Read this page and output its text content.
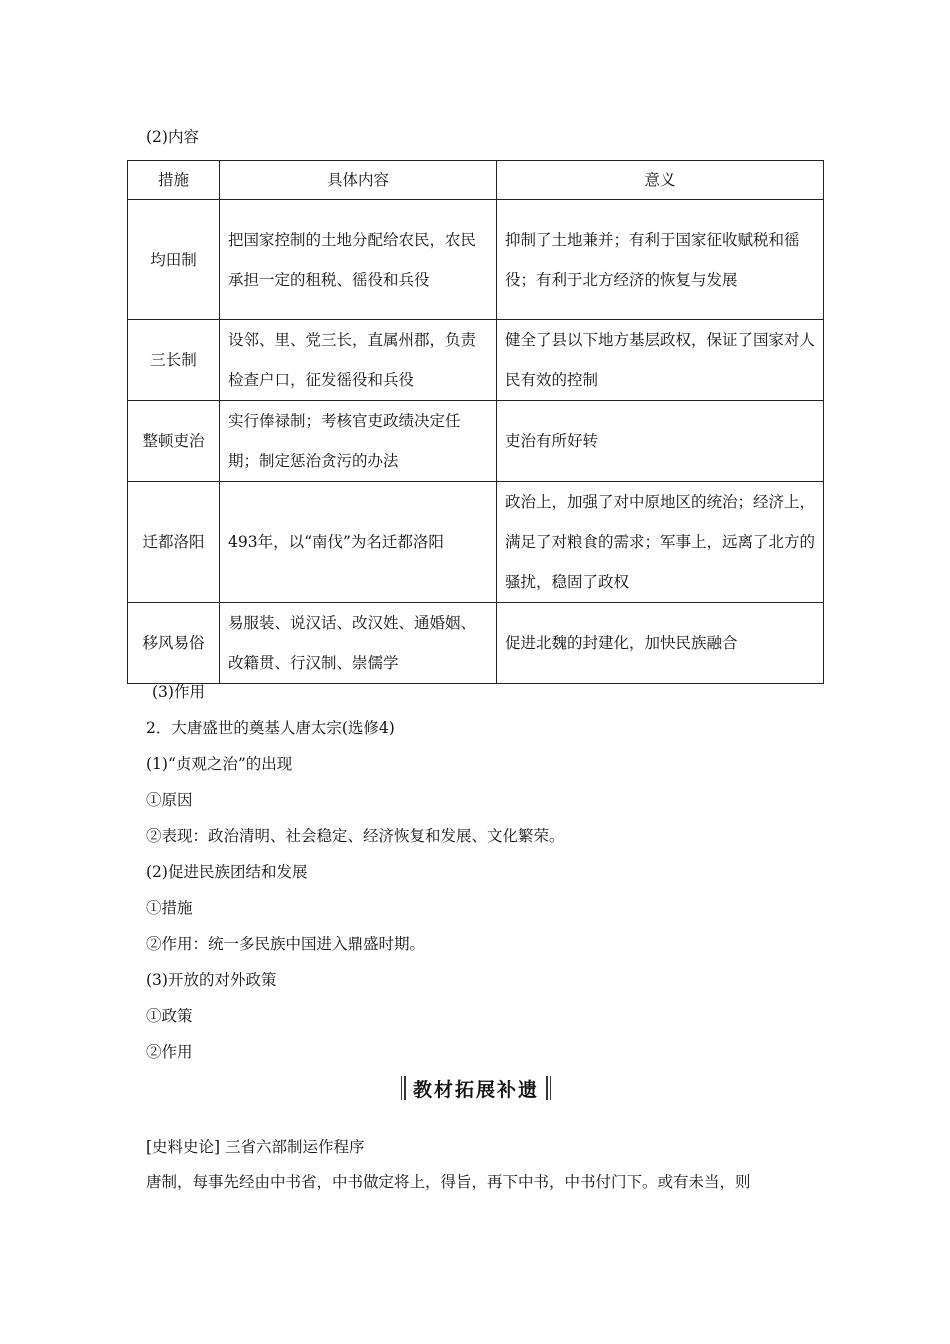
(2)内容
措施	具体内容	意义
均田制	把国家控制的土地分配给农民，农民承担一定的租税、徭役和兵役	抑制了土地兼并；有利于国家征收赋税和徭役；有利于北方经济的恢复与发展
三长制	设邻、里、党三长，直属州郡，负责检查户口，征发徭役和兵役	健全了县以下地方基层政权，保证了国家对人民有效的控制
整顿吏治	实行俸禄制；考核官吏政绩决定任期；制定惩治贪污的办法	吏治有所好转
迁都洛阳	493年，以“南伐”为名迁都洛阳	政治上，加强了对中原地区的统治；经济上，满足了对粮食的需求；军事上，远离了北方的骚扰，稳固了政权
移风易俗	易服装、说汉话、改汉姓、通婚姻、改籍贯、行汉制、崇儒学	促进北魏的封建化，加快民族融合
(3)作用
2．大唐盛世的奠基人唐太宗(选修4)
(1)“贞观之治”的出现
①原因
②表现：政治清明、社会稳定、经济恢复和发展、文化繁荣。
(2)促进民族团结和发展
①措施
②作用：统一多民族中国进入鼎盛时期。
(3)开放的对外政策
①政策
②作用
教材拓展补遗
[史料史论] 三省六部制运作程序
唐制，每事先经由中书省，中书做定将上，得旨，再下中书，中书付门下。或有未当，则
